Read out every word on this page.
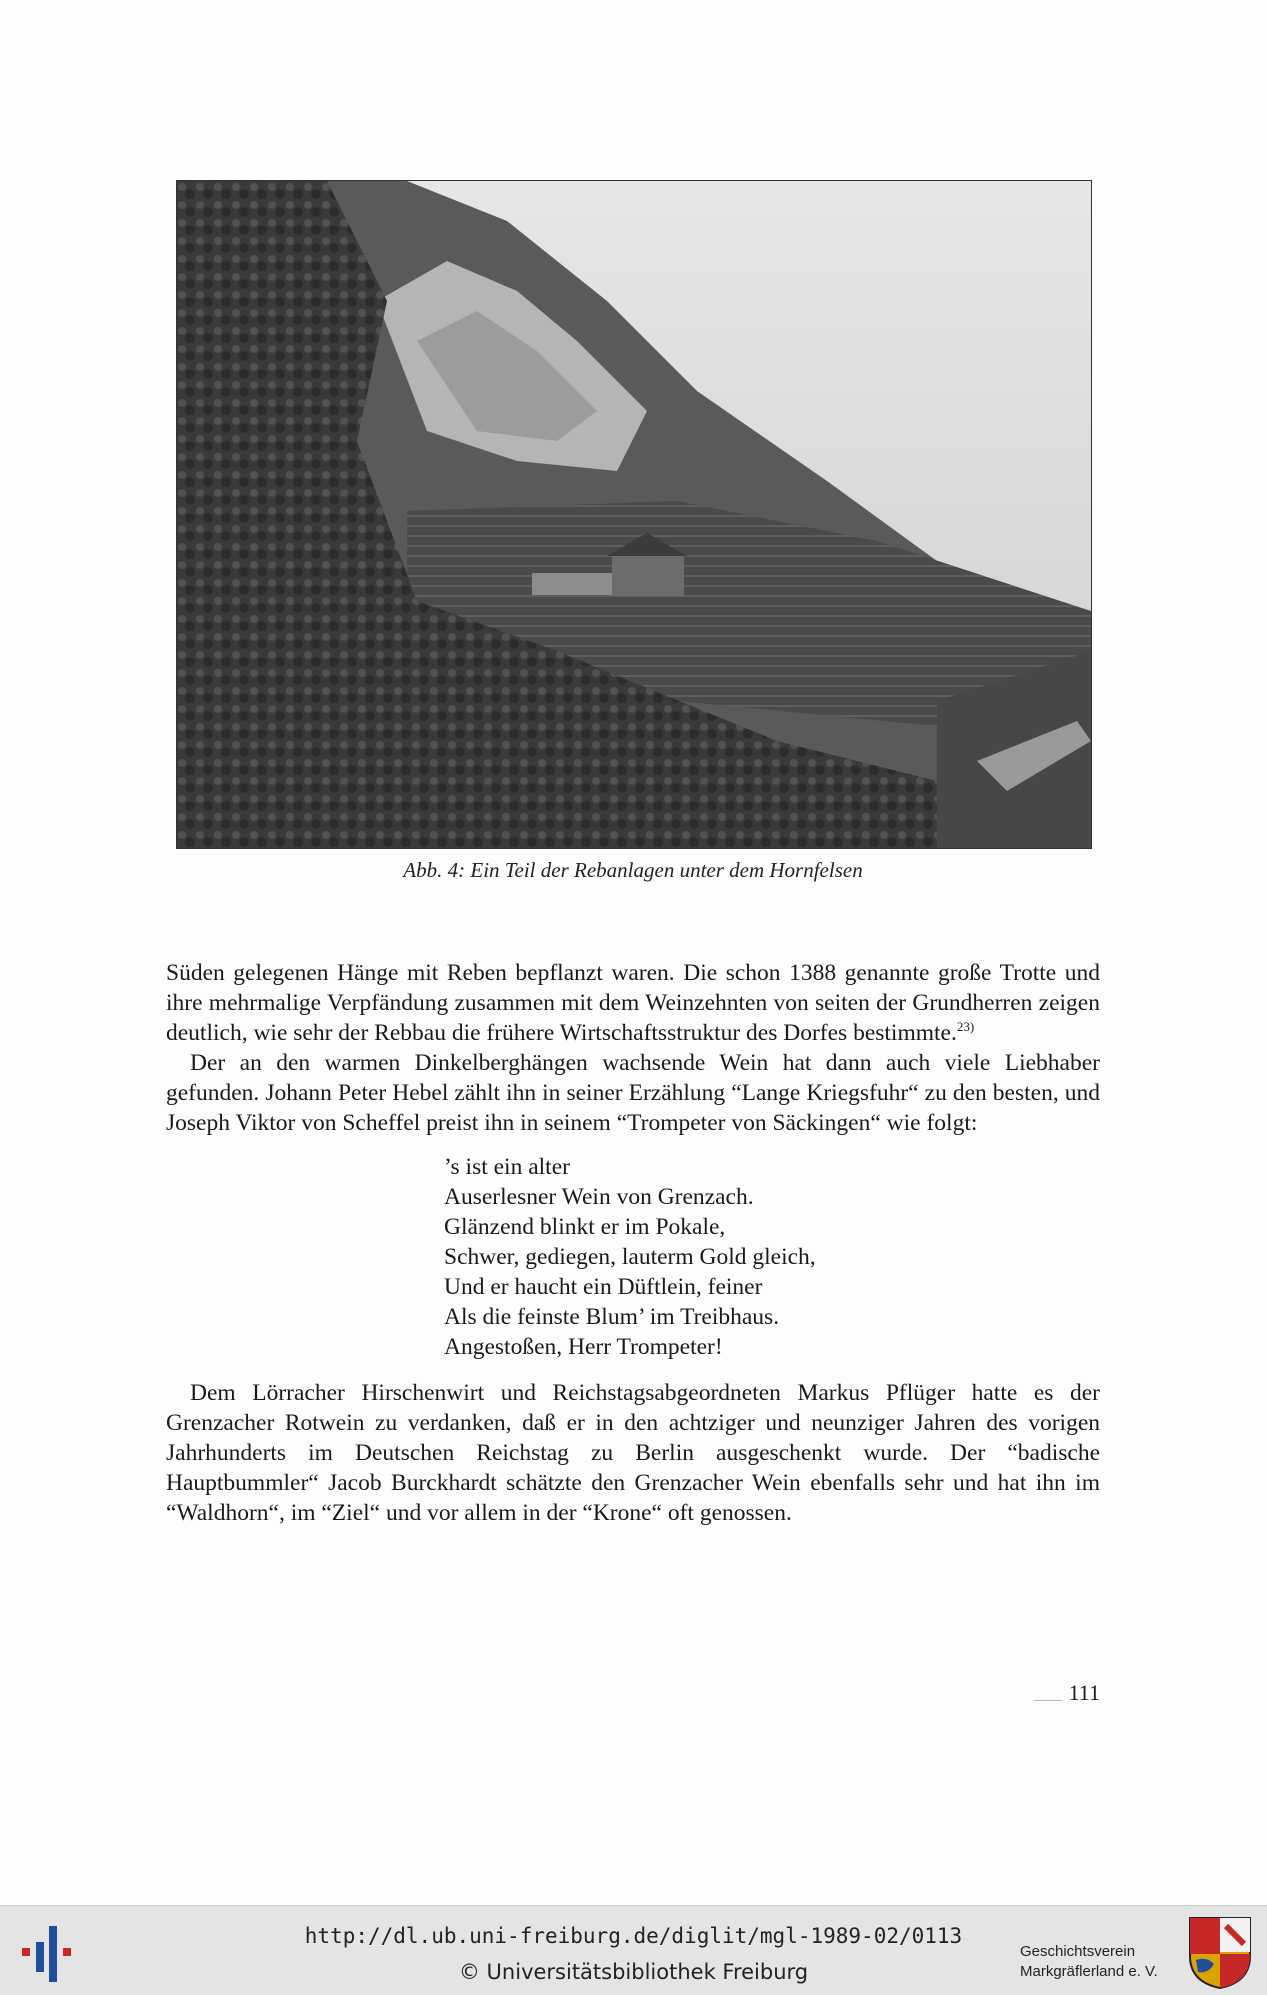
Abb. 4: Ein Teil der Rebanlagen unter dem Hornfelsen

Süden gelegenen Hänge mit Reben bepflanzt waren. Die schon 1388 genannte große Trotte und ihre mehrmalige Verpfändung zusammen mit dem Weinzehnten von seiten der Grundherren zeigen deutlich, wie sehr der Rebbau die frühere Wirtschaftsstruktur des Dorfes bestimmte.$^{23)}$

Der an den warmen Dinkelberghängen wachsende Wein hat dann auch viele Liebhaber gefunden. Johann Peter Hebel zählt ihn in seiner Erzählung “Lange Kriegsfuhr“ zu den besten, und Joseph Viktor von Scheffel preist ihn in seinem “Trompeter von Säckingen“ wie folgt:

’s ist ein alter
Auserlesner Wein von Grenzach.
Glänzend blinkt er im Pokale,
Schwer, gediegen, lauterm Gold gleich,
Und er haucht ein Düftlein, feiner
Als die feinste Blum’ im Treibhaus.
Angestoßen, Herr Trompeter!

Dem Lörracher Hirschenwirt und Reichstagsabgeordneten Markus Pflüger hatte es der Grenzacher Rotwein zu verdanken, daß er in den achtziger und neunziger Jahren des vorigen Jahrhunderts im Deutschen Reichstag zu Berlin ausgeschenkt wurde. Der “badische Hauptbummler“ Jacob Burckhardt schätzte den Grenzacher Wein ebenfalls sehr und hat ihn im “Waldhorn“, im “Ziel“ und vor allem in der “Krone“ oft genossen.

111
http://dl.ub.uni-freiburg.de/diglit/mgl-1989-02/0113
© Universitätsbibliothek Freiburg
Geschichtsverein
Markgräflerland e. V.
